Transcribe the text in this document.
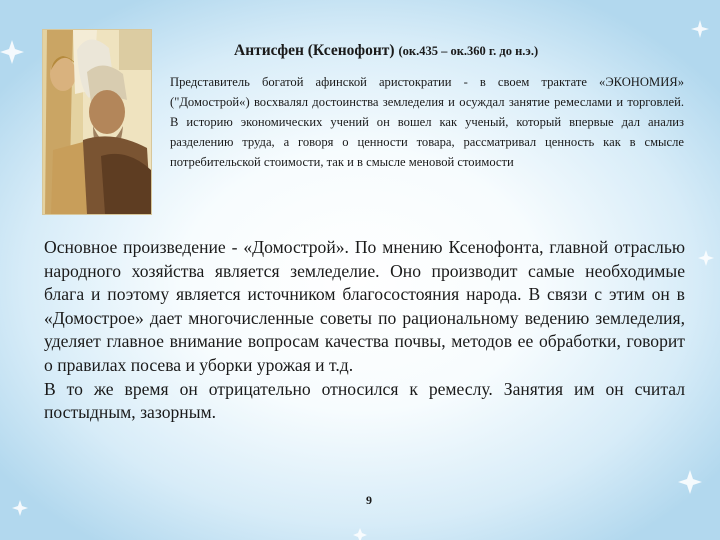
Антисфен (Ксенофонт) (ок.435 – ок.360 г. до н.э.)

Представитель богатой афинской аристократии - в своем трактате «ЭКОНОМИЯ» ("Домострой«) восхвалял достоинства земледелия и осуждал занятие ремеслами и торговлей. В историю экономических учений он вошел как ученый, который впервые дал анализ разделению труда, а говоря о ценности товара, рассматривал ценность как в смысле потребительской стоимости, так и в смысле меновой стоимости

Основное произведение - «Домострой». По мнению Ксенофонта, главной отраслью народного хозяйства является земледелие. Оно производит самые необходимые блага и поэтому является источником благосостояния народа. В связи с этим он в «Домострое» дает многочисленные советы по рациональному ведению земледелия, уделяет главное внимание вопросам качества почвы, методов ее обработки, говорит о правилах посева и уборки урожая и т.д.

В то же время он отрицательно относился к ремеслу. Занятия им он считал постыдным, зазорным.

9
